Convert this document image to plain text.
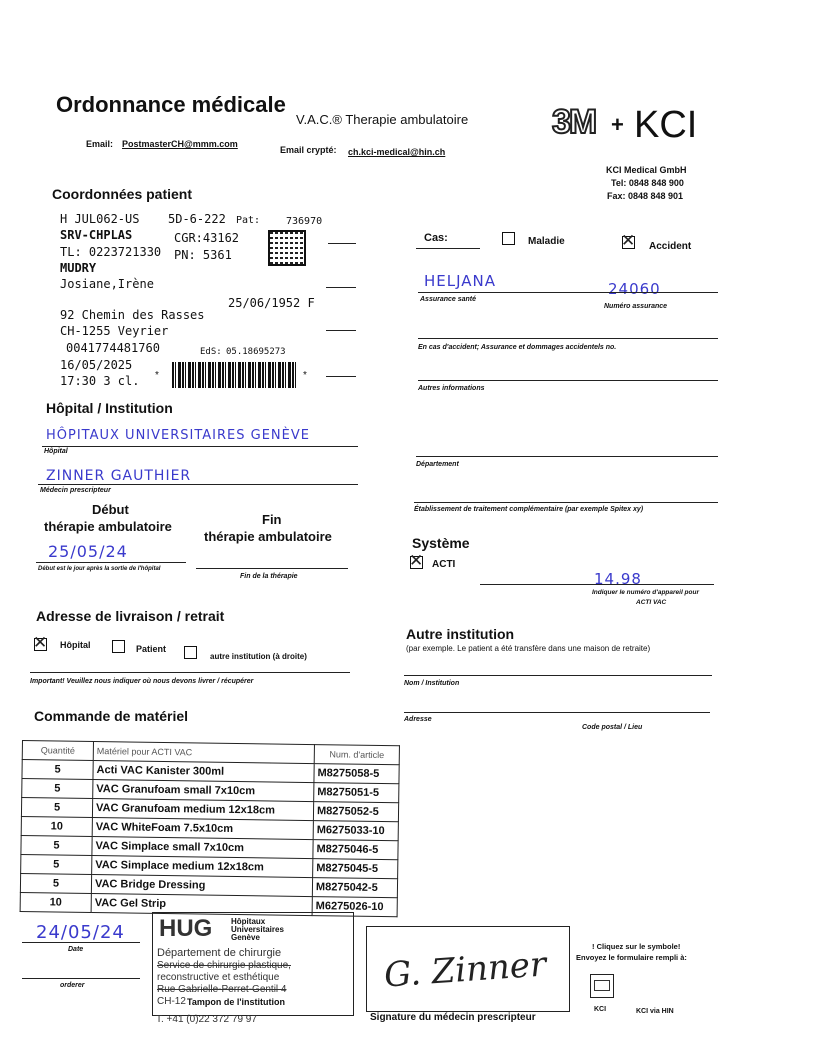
Ordonnance médicale
V.A.C.® Therapie ambulatoire
Email: PostmasterCH@mmm.com
Email crypté: ch.kci-medical@hin.ch
3M + KCI
KCI Medical GmbH
Tel: 0848 848 900
Fax: 0848 848 901
Coordonnées patient
H JUL062-US 5D-6-222 Pat:	736970
SRV-CHPLAS	CGR:43162
TL: 0223721330 PN: 5361
MUDRY
Josiane,Irène
25/06/1952 F
92 Chemin des Rasses
CH-1255 Veyrier
0041774481760	EdS: 05.18695273
16/05/2025
17:30 3 cl. *	*
Cas:	Maladie ✕	Accident
HELJANA	24060
Assurance santé
Numéro assurance
En cas d'accident; Assurance et dommages accidentels no.
Autres informations
Département
Établissement de traitement complémentaire (par exemple Spitex xy)
Hôpital / Institution
HÔPITAUX UNIVERSITAIRES GENÈVE
Hôpital
ZINNER GAUTHIER
Médecin prescripteur
Début
thérapie ambulatoire	Fin
thérapie ambulatoire
25/05/24
Début est le jour après la sortie de l'hôpital
Fin de la thérapie
Système
✕
ACTI
14.98
Indiquer le numéro d'appareil pour
ACTI VAC
Adresse de livraison / retrait
✕
Hôpital	Patient
autre institution (à droite)
Important! Veuillez nous indiquer où nous devons livrer / récupérer
Autre institution
(par exemple. Le patient a été transfère dans une maison de retraite)
Nom / Institution
Adresse
Code postal / Lieu
Commande de matériel
Quantité	Matériel pour ACTI VAC	Num. d'article
5	Acti VAC Kanister 300ml	M8275058-5
5	VAC Granufoam small 7x10cm	M8275051-5
5	VAC Granufoam medium 12x18cm	M8275052-5
10	VAC WhiteFoam 7.5x10cm	M6275033-10
5	VAC Simplace small 7x10cm	M8275046-5
5	VAC Simplace medium 12x18cm	M8275045-5
5	VAC Bridge Dressing	M8275042-5
10	VAC Gel Strip	M6275026-10
24/05/24
Date
orderer
HUG Hôpitaux
Universitaires
Genève
Département de chirurgie
Service de chirurgie plastique,
reconstructive et esthétique
Rue Gabrielle-Perret-Gentil 4
CH-12 Tampon de l'institution
T. +41 (0)22 372 79 97
G. Zinner
Signature du médecin prescripteur
! Cliquez sur le symbole!
Envoyez le formulaire rempli à:
KCI	KCI via HIN
